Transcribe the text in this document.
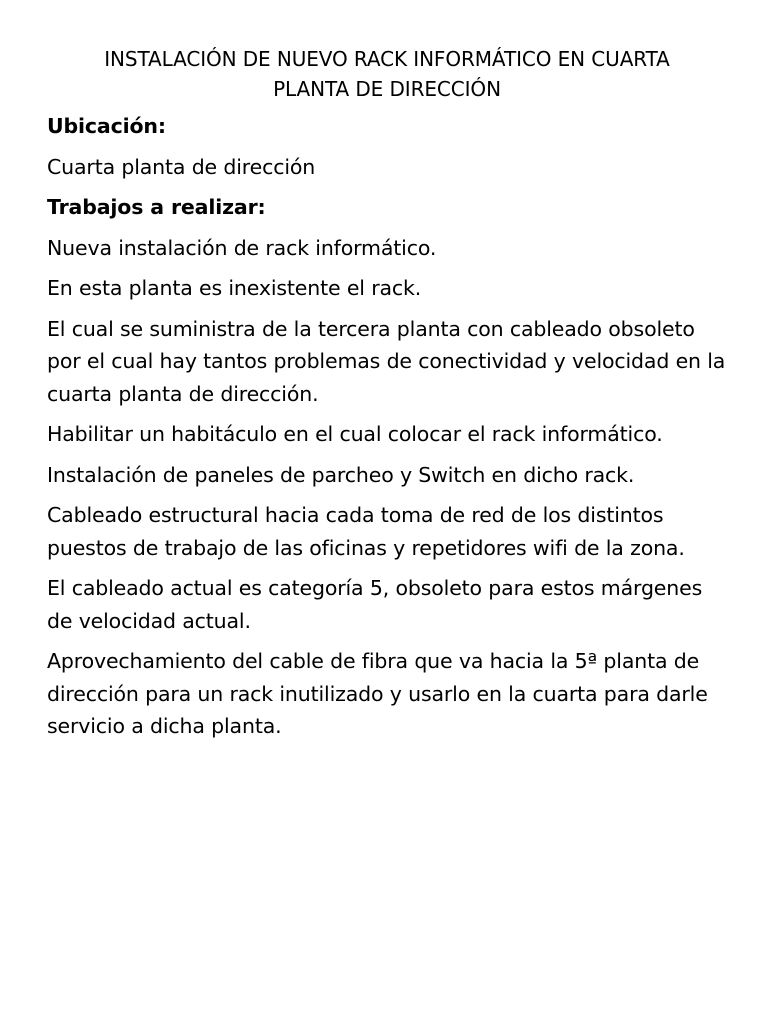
INSTALACIÓN DE NUEVO RACK INFORMÁTICO EN CUARTA
PLANTA DE DIRECCIÓN

Ubicación:

Cuarta planta de dirección

Trabajos a realizar:

Nueva instalación de rack informático.

En esta planta es inexistente el rack.

El cual se suministra de la tercera planta con cableado obsoleto por el cual hay tantos problemas de conectividad y velocidad en la cuarta planta de dirección.

Habilitar un habitáculo en el cual colocar el rack informático.

Instalación de paneles de parcheo y Switch en dicho rack.

Cableado estructural hacia cada toma de red de los distintos puestos de trabajo de las oficinas y repetidores wifi de la zona.

El cableado actual es categoría 5, obsoleto para estos márgenes de velocidad actual.

Aprovechamiento del cable de fibra que va hacia la 5ª planta de dirección para un rack inutilizado y usarlo en la cuarta para darle servicio a dicha planta.
